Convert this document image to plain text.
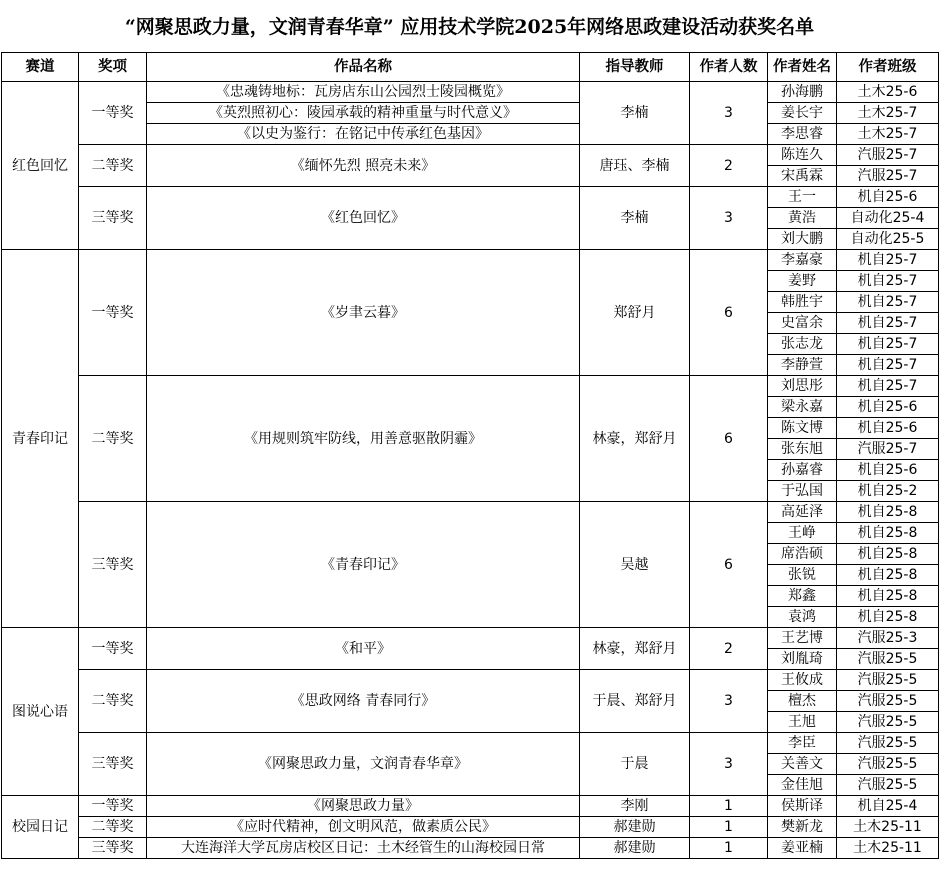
“网聚思政力量，文润青春华章” 应用技术学院2025年网络思政建设活动获奖名单
赛道	奖项	作品名称	指导教师	作者人数	作者姓名	作者班级
红色回忆	一等奖	《忠魂铸地标：瓦房店东山公园烈士陵园概览》	李楠	3	孙海鹏	土木25-6
		《英烈照初心：陵园承载的精神重量与时代意义》			姜长宇	土木25-7
		《以史为鉴行：在铭记中传承红色基因》			李思睿	土木25-7
	二等奖	《缅怀先烈 照亮未来》	唐珏、李楠	2	陈连久	汽服25-7
					宋禹霖	汽服25-7
	三等奖	《红色回忆》	李楠	3	王一	机自25-6
					黄浩	自动化25-4
					刘大鹏	自动化25-5
青春印记	一等奖	《岁聿云暮》	郑舒月	6	李嘉豪	机自25-7
					姜野	机自25-7
					韩胜宇	机自25-7
					史富余	机自25-7
					张志龙	机自25-7
					李静萱	机自25-7
	二等奖	《用规则筑牢防线，用善意驱散阴霾》	林豪，郑舒月	6	刘思彤	机自25-7
					梁永嘉	机自25-6
					陈文博	机自25-6
					张东旭	汽服25-7
					孙嘉睿	机自25-6
					于弘国	机自25-2
	三等奖	《青春印记》	吴越	6	高延泽	机自25-8
					王峥	机自25-8
					席浩硕	机自25-8
					张锐	机自25-8
					郑鑫	机自25-8
					袁鸿	机自25-8
图说心语	一等奖	《和平》	林豪，郑舒月	2	王艺博	汽服25-3
					刘胤琦	汽服25-5
	二等奖	《思政网络 青春同行》	于晨、郑舒月	3	王攸成	汽服25-5
					檀杰	汽服25-5
					王旭	汽服25-5
	三等奖	《网聚思政力量，文润青春华章》	于晨	3	李臣	汽服25-5
					关善文	汽服25-5
					金佳旭	汽服25-5
校园日记	一等奖	《网聚思政力量》	李刚	1	侯斯译	机自25-4
	二等奖	《应时代精神，创文明风范，做素质公民》	郝建勋	1	樊新龙	土木25-11
	三等奖	大连海洋大学瓦房店校区日记：土木经管生的山海校园日常	郝建勋	1	姜亚楠	土木25-11
